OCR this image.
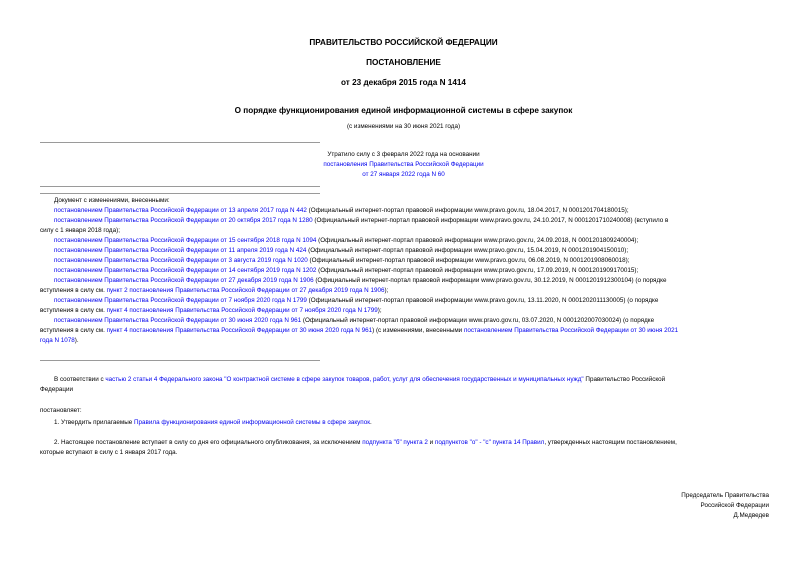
ПРАВИТЕЛЬСТВО РОССИЙСКОЙ ФЕДЕРАЦИИ
ПОСТАНОВЛЕНИЕ
от 23 декабря 2015 года N 1414
О порядке функционирования единой информационной системы в сфере закупок
(с изменениями на 30 июня 2021 года)
Утратило силу с 3 февраля 2022 года на основании
постановления Правительства Российской Федерации
от 27 января 2022 года N 60
Документ с изменениями, внесенными:
постановлением Правительства Российской Федерации от 13 апреля 2017 года N 442 (Официальный интернет-портал правовой информации www.pravo.gov.ru, 18.04.2017, N 0001201704180015);
постановлением Правительства Российской Федерации от 20 октября 2017 года N 1280 (Официальный интернет-портал правовой информации www.pravo.gov.ru, 24.10.2017, N 0001201710240008) (вступило в
силу с 1 января 2018 года);
постановлением Правительства Российской Федерации от 15 сентября 2018 года N 1094 (Официальный интернет-портал правовой информации www.pravo.gov.ru, 24.09.2018, N 0001201809240004);
постановлением Правительства Российской Федерации от 11 апреля 2019 года N 424 (Официальный интернет-портал правовой информации www.pravo.gov.ru, 15.04.2019, N 0001201904150010);
постановлением Правительства Российской Федерации от 3 августа 2019 года N 1020 (Официальный интернет-портал правовой информации www.pravo.gov.ru, 06.08.2019, N 0001201908060018);
постановлением Правительства Российской Федерации от 14 сентября 2019 года N 1202 (Официальный интернет-портал правовой информации www.pravo.gov.ru, 17.09.2019, N 0001201909170015);
постановлением Правительства Российской Федерации от 27 декабря 2019 года N 1906 (Официальный интернет-портал правовой информации www.pravo.gov.ru, 30.12.2019, N 0001201912300104) (о порядке
вступления в силу см. пункт 2 постановления Правительства Российской Федерации от 27 декабря 2019 года N 1906);
постановлением Правительства Российской Федерации от 7 ноября 2020 года N 1799 (Официальный интернет-портал правовой информации www.pravo.gov.ru, 13.11.2020, N 0001202011130005) (о порядке
вступления в силу см. пункт 4 постановления Правительства Российской Федерации от 7 ноября 2020 года N 1799);
постановлением Правительства Российской Федерации от 30 июня 2020 года N 961 (Официальный интернет-портал правовой информации www.pravo.gov.ru, 03.07.2020, N 0001202007030024) (о порядке
вступления в силу см. пункт 4 постановления Правительства Российской Федерации от 30 июня 2020 года N 961) (с изменениями, внесенными постановлением Правительства Российской Федерации от 30 июня 2021
года N 1078).
В соответствии с частью 2 статьи 4 Федерального закона "О контрактной системе в сфере закупок товаров, работ, услуг для обеспечения государственных и муниципальных нужд" Правительство Российской
Федерации
постановляет:
1. Утвердить прилагаемые Правила функционирования единой информационной системы в сфере закупок.
2. Настоящее постановление вступает в силу со дня его официального опубликования, за исключением подпункта "б" пункта 2 и подпунктов "о" - "с" пункта 14 Правил, утвержденных настоящим постановлением,
которые вступают в силу с 1 января 2017 года.
Председатель Правительства
Российской Федерации
Д.Медведев
